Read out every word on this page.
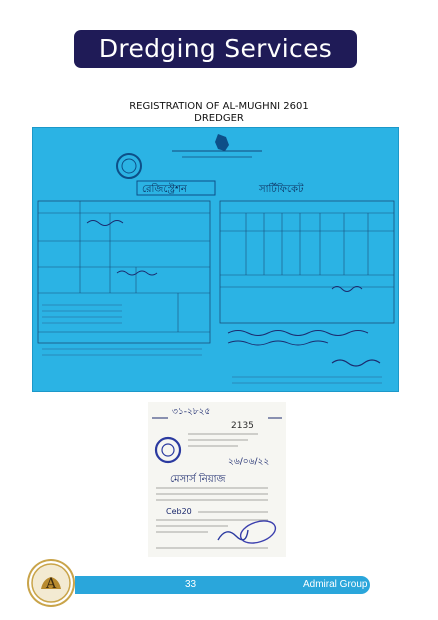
Dredging Services
REGISTRATION OF AL-MUGHNI 2601
DREDGER
রেজিস্ট্রেশন	সার্টিফিকেট
৩১-২৮২৫
2135
২৬/০৬/২২
মেসার্স নিয়াজ
Ceb20
33	Admiral Group
A
